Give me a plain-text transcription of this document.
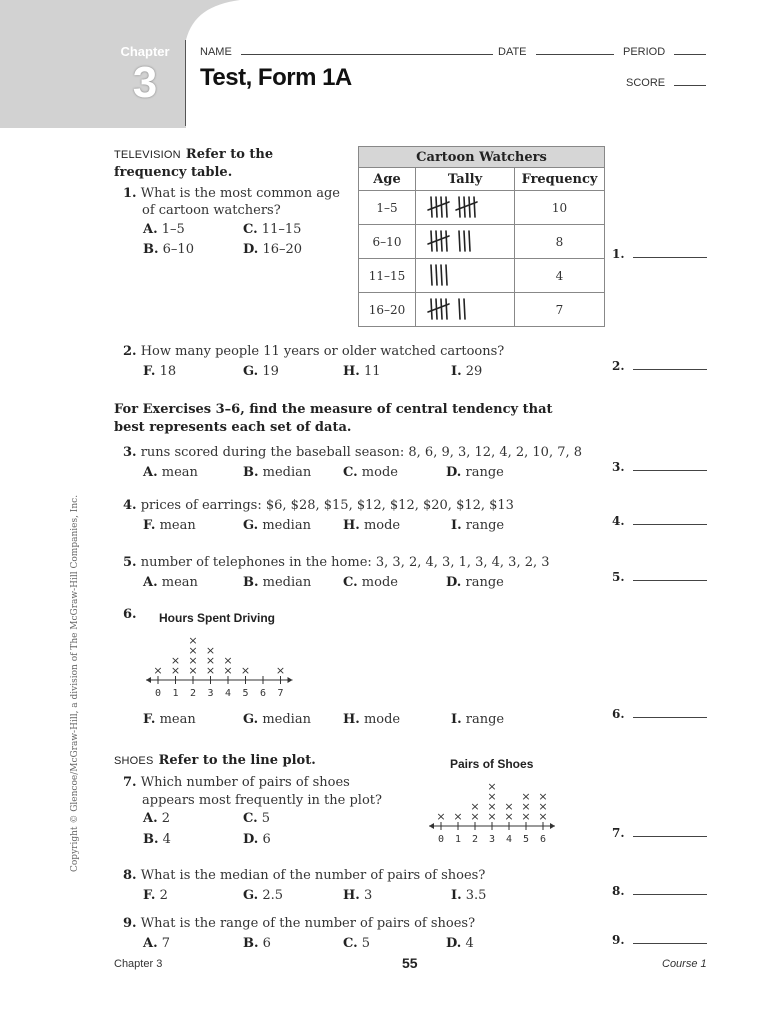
Chapter
3
NAME	DATE	PERIOD
SCORE
Test, Form 1A
Copyright © Glencoe/McGraw-Hill, a division of The McGraw-Hill Companies, Inc.
TELEVISION Refer to the
frequency table.
1. What is the most common age
of cartoon watchers?
A. 1–5	C. 11–15
B. 6–10	D. 16–20
Cartoon Watchers		
Age	Tally	Frequency
1–5		10
6–10		8
11–15		4
16–20		7
2. How many people 11 years or older watched cartoons?
F. 18	G. 19	H. 11	I. 29
For Exercises 3–6, find the measure of central tendency that
best represents each set of data.
3. runs scored during the baseball season: 8, 6, 9, 3, 12, 4, 2, 10, 7, 8
A. mean	B. median C. mode	D. range
4. prices of earrings: $6, $28, $15, $12, $12, $20, $12, $13
F. mean	G. median H. mode	I. range
5. number of telephones in the home: 3, 3, 2, 4, 3, 1, 3, 4, 3, 2, 3
A. mean	B. median C. mode	D. range
6. Hours Spent Driving
0
×
1
×
×
2
×
×
×
×
3
×
×
×
4
×
×
5
×
6 7
×
F. mean	G. median H. mode	I. range
SHOES Refer to the line plot.	Pairs of Shoes
0
×
1
×
2
×
×
3
×
×
×
×
4
×
×
5
×
×
×
6
×
×
×
7. Which number of pairs of shoes
appears most frequently in the plot?
A. 2	C. 5
B. 4	D. 6
8. What is the median of the number of pairs of shoes?
F. 2	G. 2.5	H. 3	I. 3.5
9. What is the range of the number of pairs of shoes?
A. 7	B. 6	C. 5	D. 4
1.
2.
3.
4.
5.
6.
7.
8.
9.
Chapter 3	55	Course 1
